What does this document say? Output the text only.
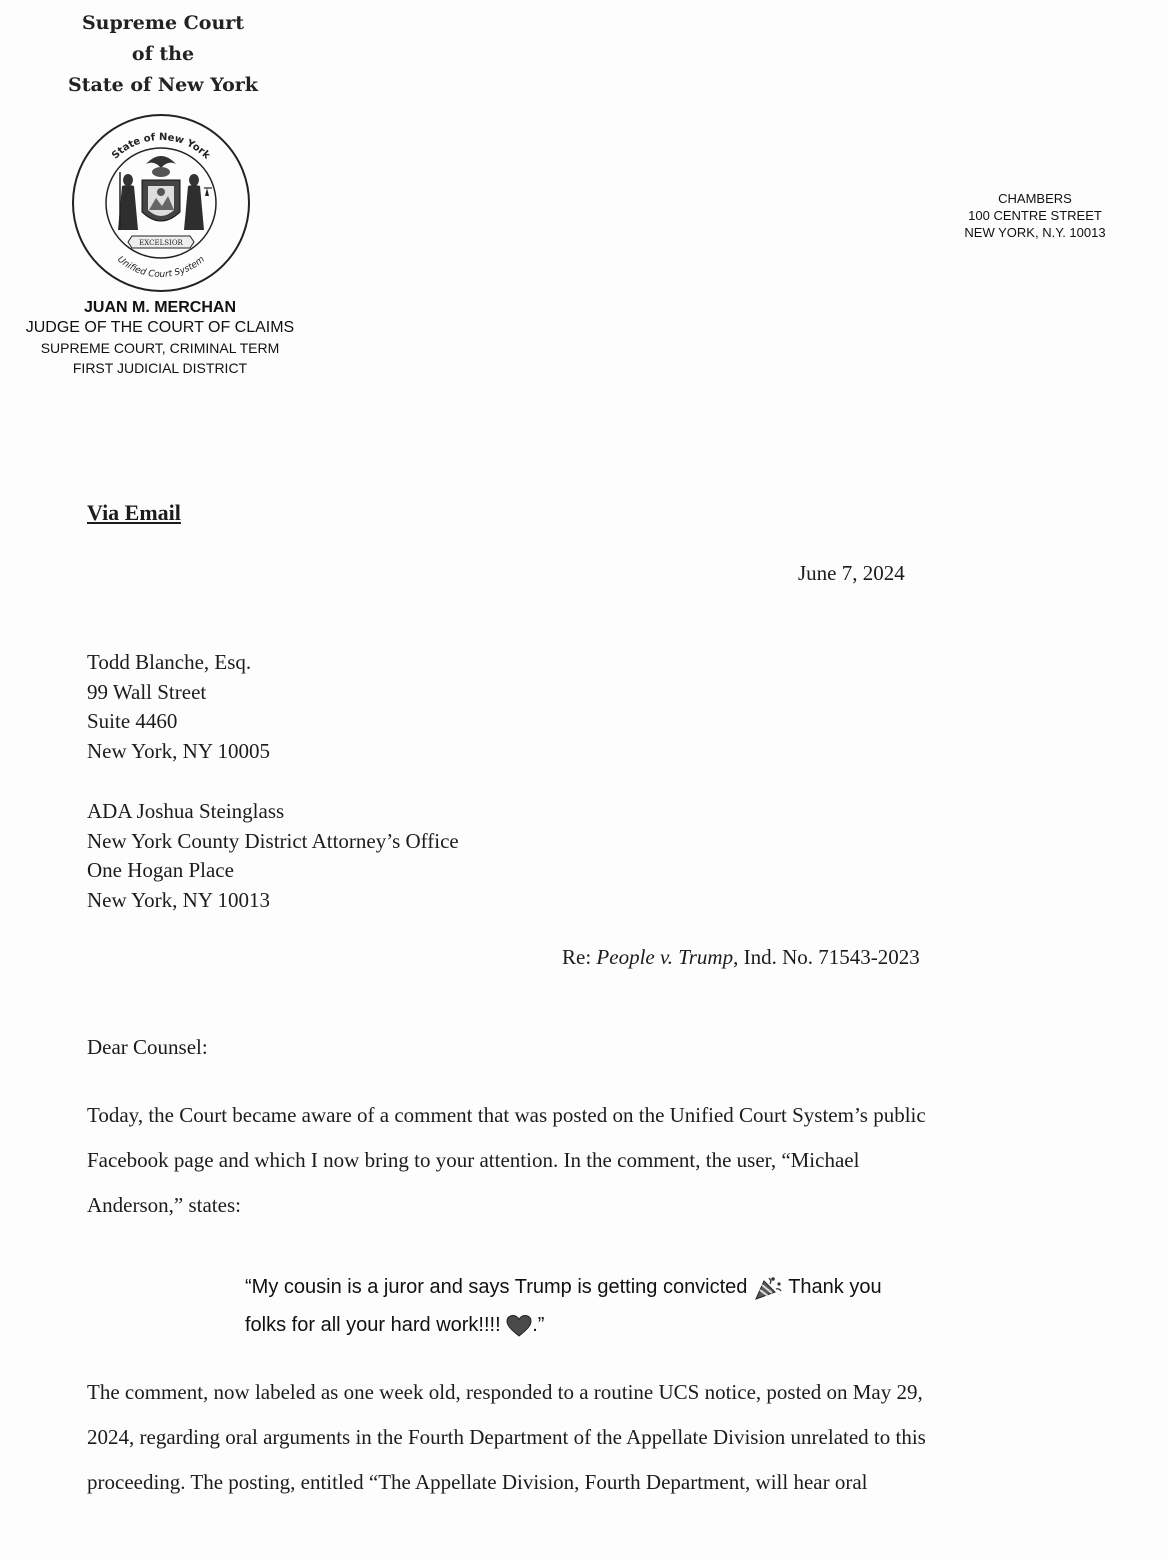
Supreme Court
of the
State of New York
State of New York
Unified Court System
EXCELSIOR
JUAN M. MERCHAN
JUDGE OF THE COURT OF CLAIMS
SUPREME COURT, CRIMINAL TERM
FIRST JUDICIAL DISTRICT
CHAMBERS
100 CENTRE STREET
NEW YORK, N.Y. 10013
Via Email
June 7, 2024
Todd Blanche, Esq.
99 Wall Street
Suite 4460
New York, NY 10005
ADA Joshua Steinglass
New York County District Attorney’s Office
One Hogan Place
New York, NY 10013
Re: People v. Trump, Ind. No. 71543-2023
Dear Counsel:
Today, the Court became aware of a comment that was posted on the Unified Court System’s public
Facebook page and which I now bring to your attention. In the comment, the user, “Michael
Anderson,” states:
“My cousin is a juror and says Trump is getting convicted Thank you
folks for all your hard work!!!! .”
The comment, now labeled as one week old, responded to a routine UCS notice, posted on May 29,
2024, regarding oral arguments in the Fourth Department of the Appellate Division unrelated to this
proceeding. The posting, entitled “The Appellate Division, Fourth Department, will hear oral
